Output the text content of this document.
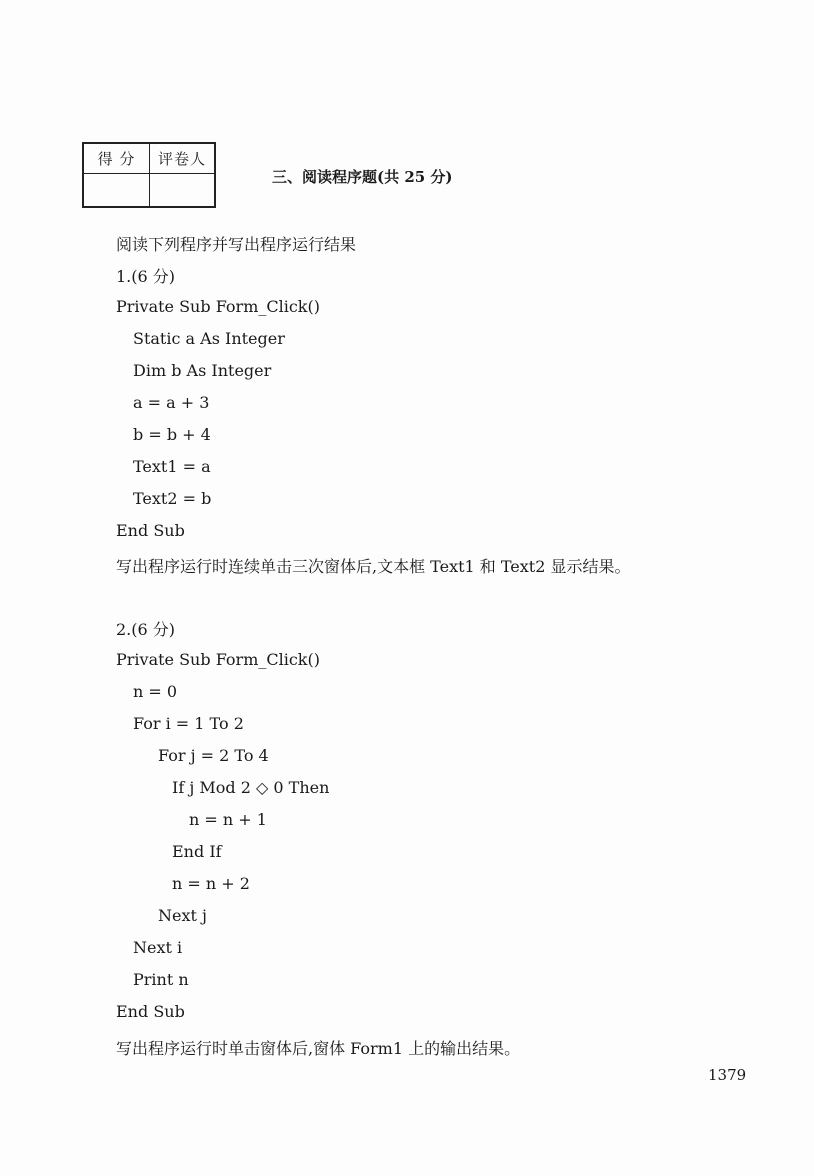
得 分	评卷人
三、阅读程序题(共 25 分)
阅读下列程序并写出程序运行结果
1.(6 分)
Private Sub Form_Click()
Static a As Integer
Dim b As Integer
a = a + 3
b = b + 4
Text1 = a
Text2 = b
End Sub
写出程序运行时连续单击三次窗体后,文本框 Text1 和 Text2 显示结果。
2.(6 分)
Private Sub Form_Click()
n = 0
For i = 1 To 2
For j = 2 To 4
If j Mod 2 ◇ 0 Then
n = n + 1
End If
n = n + 2
Next j
Next i
Print n
End Sub
写出程序运行时单击窗体后,窗体 Form1 上的输出结果。
1379
